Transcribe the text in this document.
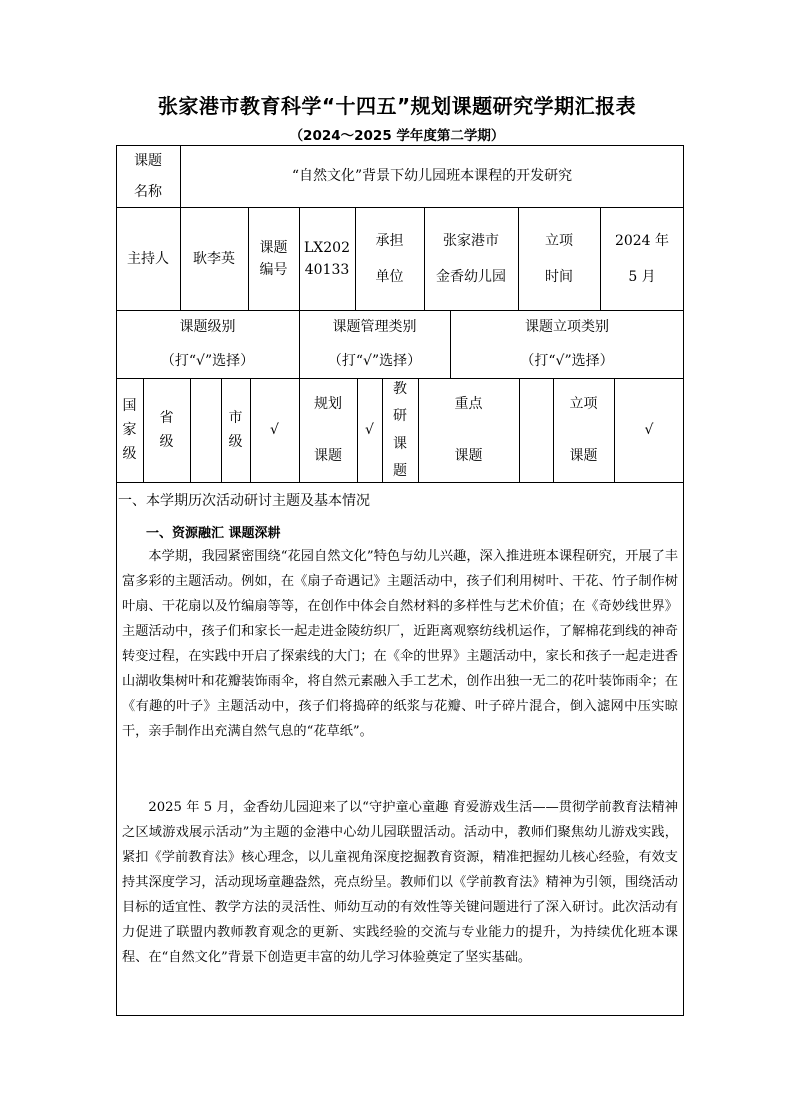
张家港市教育科学“十四五”规划课题研究学期汇报表
（2024～2025 学年度第二学期）
课题
名称
“自然文化”背景下幼儿园班本课程的开发研究
主持人 耿李英
课题
编号
LX202
40133
承担
单位
张家港市
金香幼儿园
立项
时间
2024 年
5 月
课题级别
（打“√”选择）
课题管理类别
（打“√”选择）
课题立项类别
（打“√”选择）
国
家
级
省
级
市
级
√
规划
课题
√
教
研
课
题
重点
课题
立项
课题
√
一、本学期历次活动研讨主题及基本情况
一、资源融汇 课题深耕

本学期，我园紧密围绕“花园自然文化”特色与幼儿兴趣，深入推进班本课程研究，开展了丰富多彩的主题活动。例如，在《扇子奇遇记》主题活动中，孩子们利用树叶、干花、竹子制作树叶扇、干花扇以及竹编扇等等，在创作中体会自然材料的多样性与艺术价值；在《奇妙线世界》主题活动中，孩子们和家长一起走进金陵纺织厂，近距离观察纺线机运作，了解棉花到线的神奇转变过程，在实践中开启了探索线的大门；在《伞的世界》主题活动中，家长和孩子一起走进香山湖收集树叶和花瓣装饰雨伞，将自然元素融入手工艺术，创作出独一无二的花叶装饰雨伞；在《有趣的叶子》主题活动中，孩子们将捣碎的纸浆与花瓣、叶子碎片混合，倒入滤网中压实晾干，亲手制作出充满自然气息的“花草纸”。

2025 年 5 月，金香幼儿园迎来了以“守护童心童趣 育爱游戏生活——贯彻学前教育法精神之区域游戏展示活动”为主题的金港中心幼儿园联盟活动。活动中，教师们聚焦幼儿游戏实践，紧扣《学前教育法》核心理念，以儿童视角深度挖掘教育资源，精准把握幼儿核心经验，有效支持其深度学习，活动现场童趣盎然，亮点纷呈。教师们以《学前教育法》精神为引领，围绕活动目标的适宜性、教学方法的灵活性、师幼互动的有效性等关键问题进行了深入研讨。此次活动有力促进了联盟内教师教育观念的更新、实践经验的交流与专业能力的提升，为持续优化班本课程、在“自然文化”背景下创造更丰富的幼儿学习体验奠定了坚实基础。
